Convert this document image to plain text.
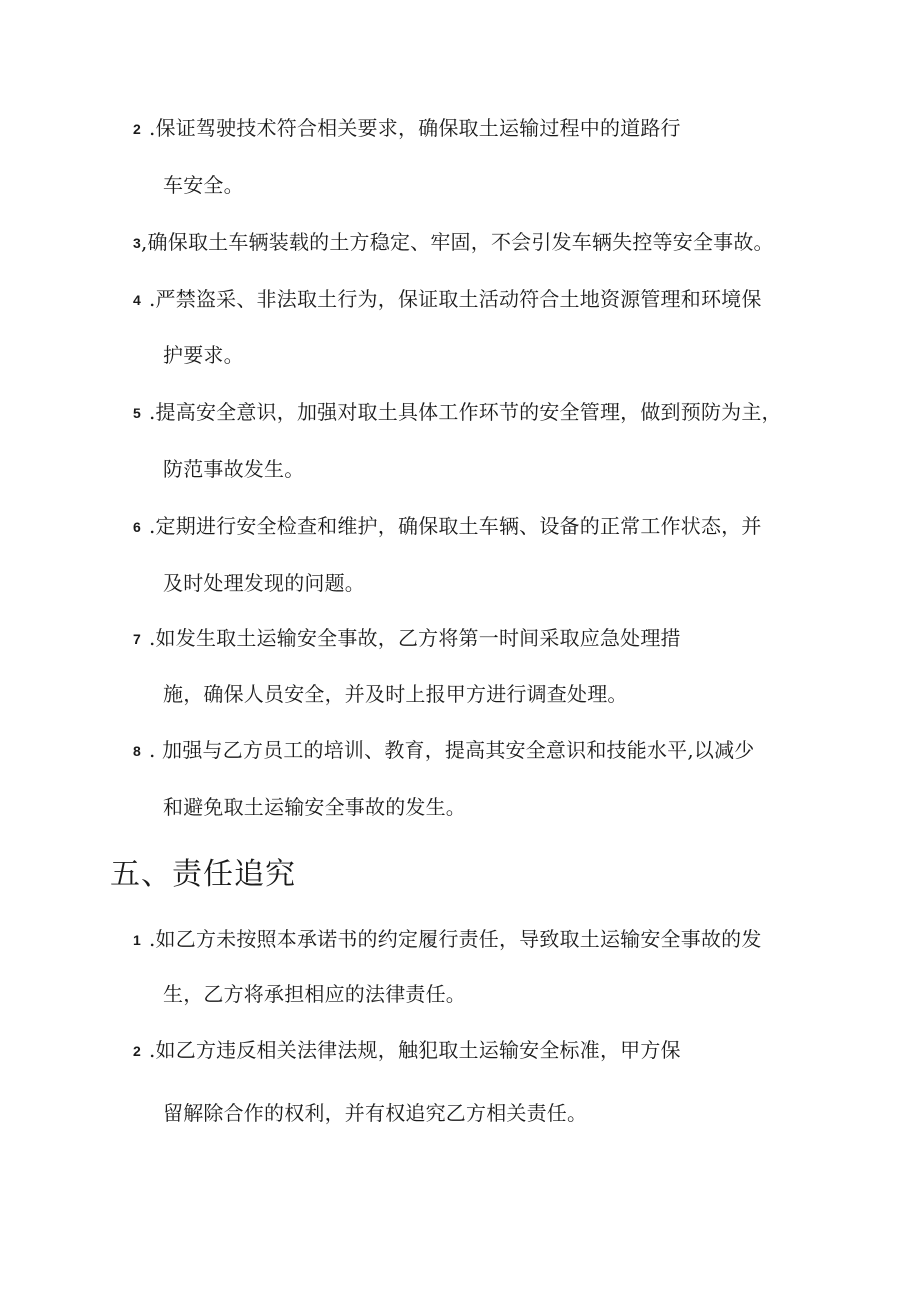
2 .保证驾驶技术符合相关要求，确保取土运输过程中的道路行
车安全。
3,确保取土车辆装载的土方稳定、牢固，不会引发车辆失控等安全事故。
4 .严禁盗采、非法取土行为，保证取土活动符合土地资源管理和环境保
护要求。
5 .提高安全意识，加强对取土具体工作环节的安全管理，做到预防为主，
防范事故发生。
6 .定期进行安全检查和维护，确保取土车辆、设备的正常工作状态，并
及时处理发现的问题。
7 .如发生取土运输安全事故，乙方将第一时间采取应急处理措
施，确保人员安全，并及时上报甲方进行调查处理。
8 . 加强与乙方员工的培训、教育，提高其安全意识和技能水平,以减少
和避免取土运输安全事故的发生。
五、责任追究
1 .如乙方未按照本承诺书的约定履行责任，导致取土运输安全事故的发
生，乙方将承担相应的法律责任。
2 .如乙方违反相关法律法规，触犯取土运输安全标准，甲方保
留解除合作的权利，并有权追究乙方相关责任。
